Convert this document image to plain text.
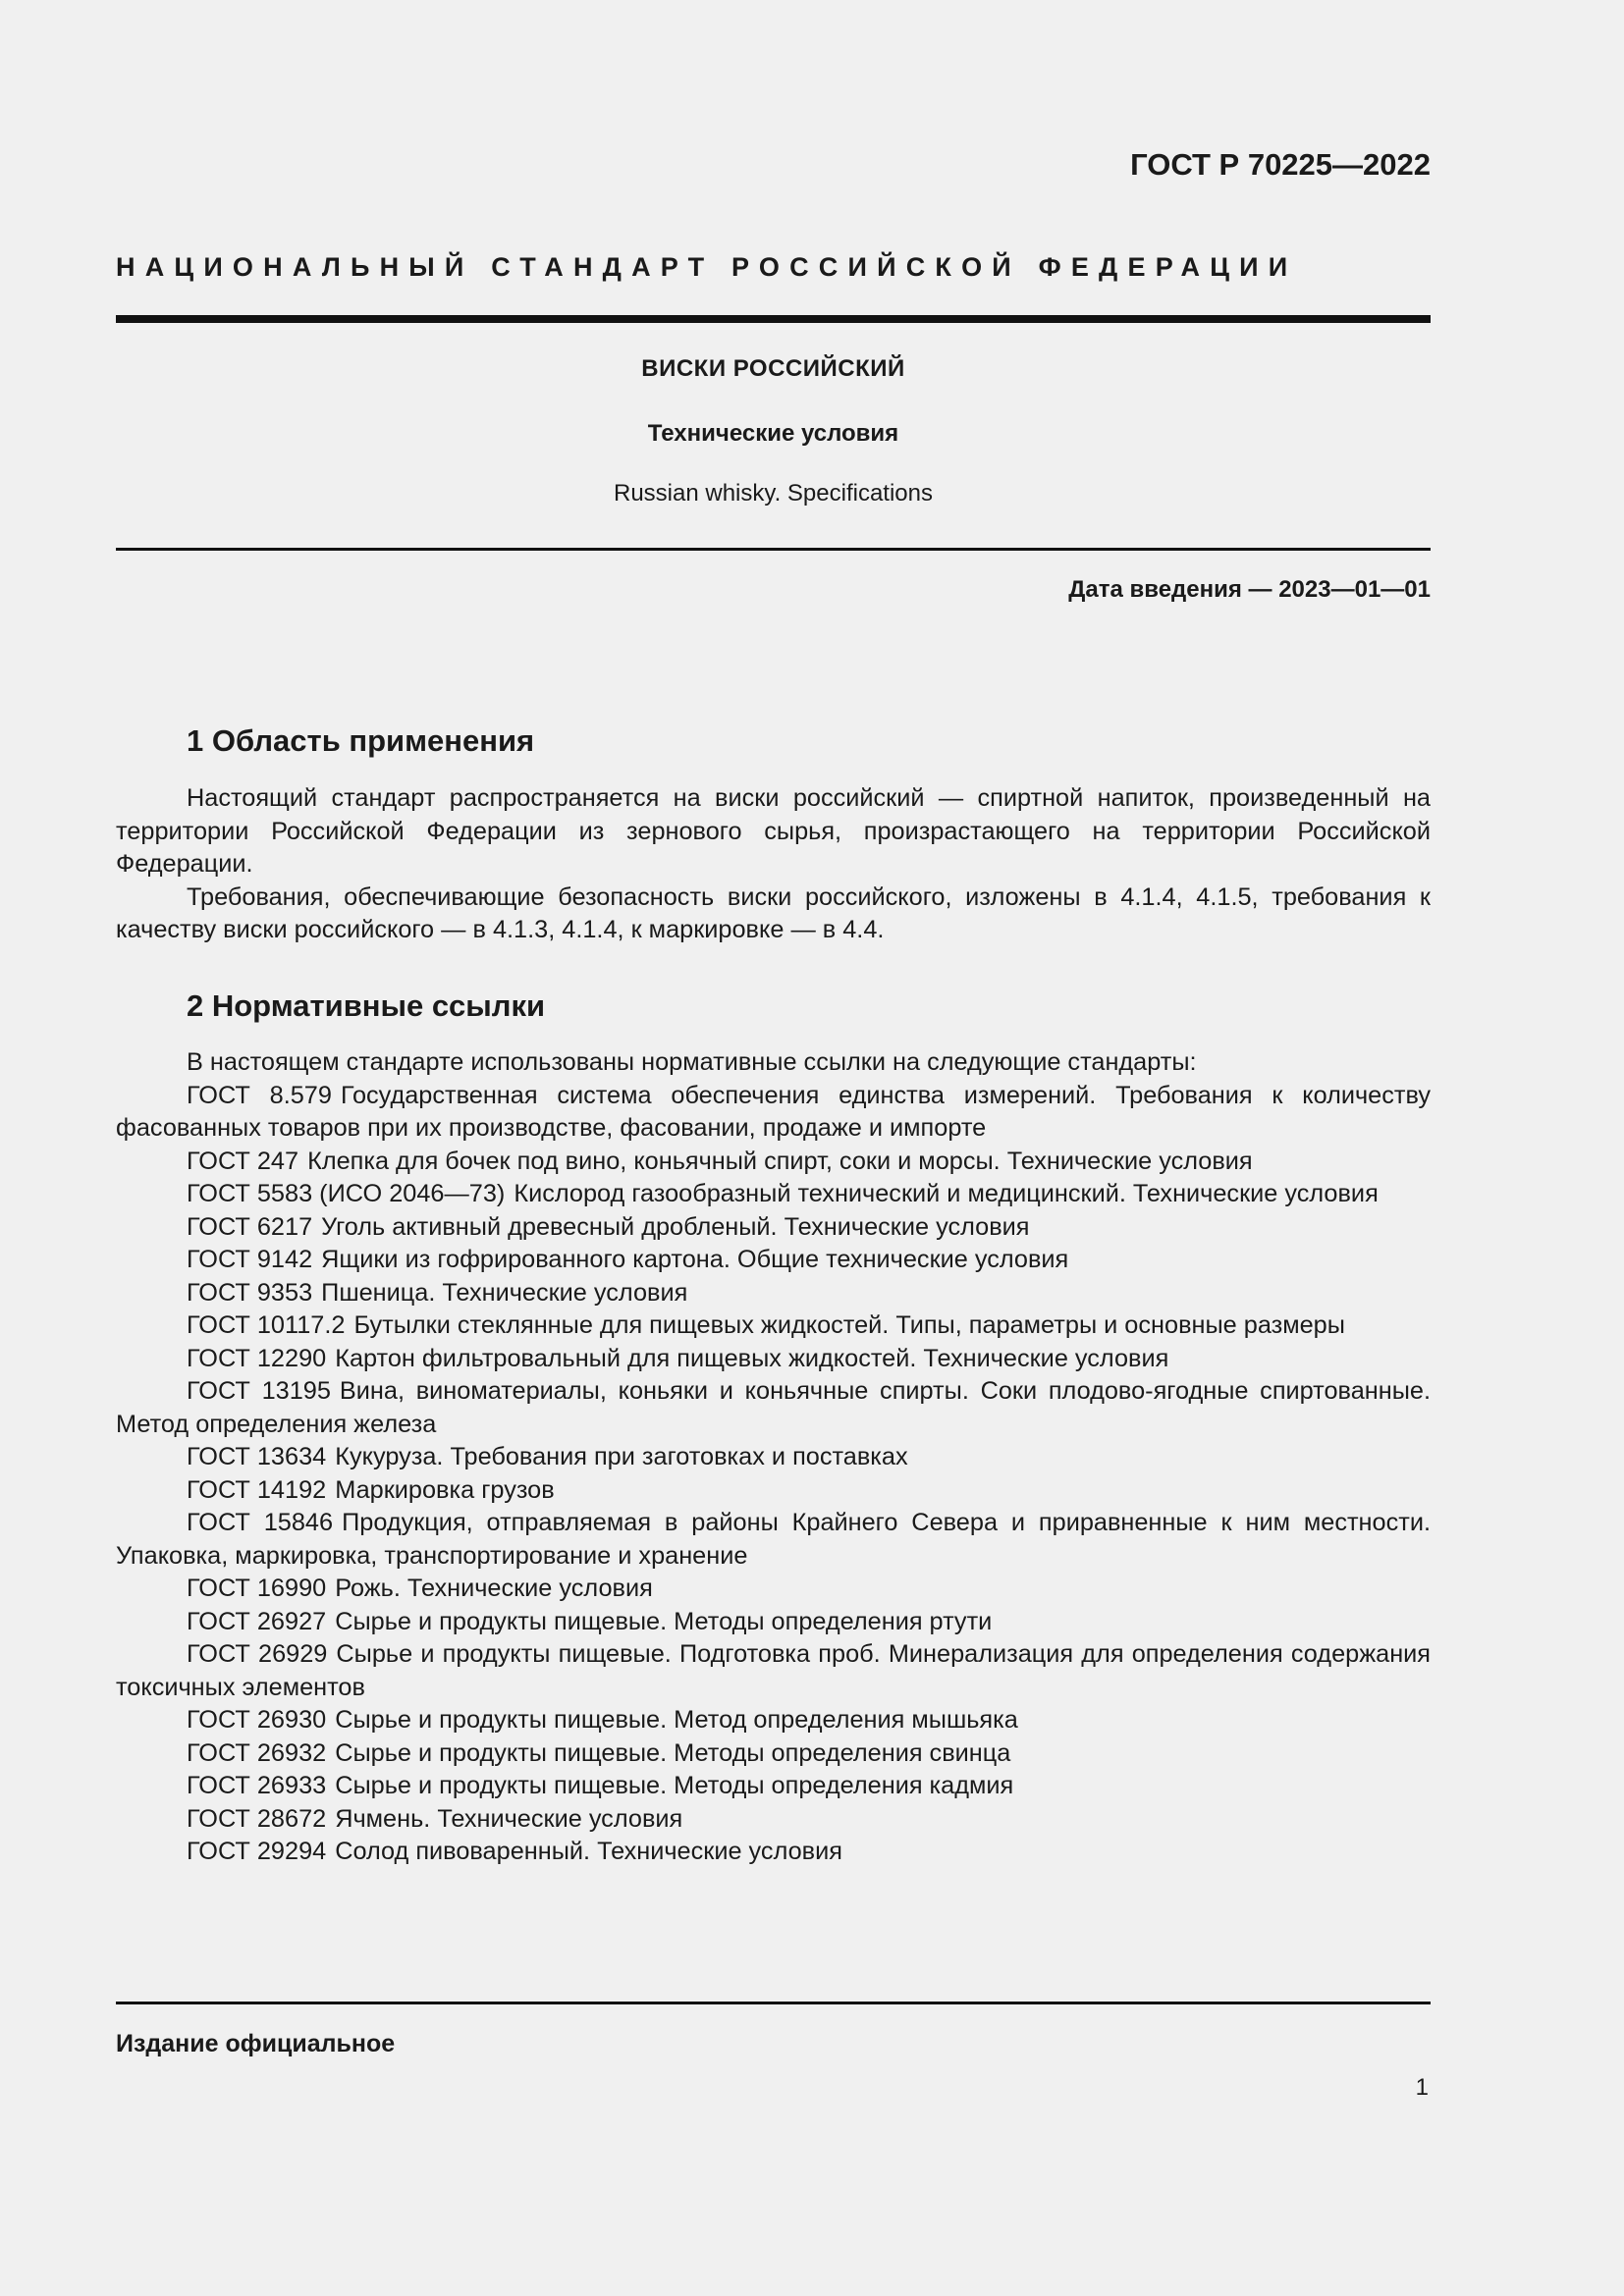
ГОСТ Р 70225—2022
НАЦИОНАЛЬНЫЙ СТАНДАРТ РОССИЙСКОЙ ФЕДЕРАЦИИ
ВИСКИ РОССИЙСКИЙ
Технические условия
Russian whisky. Specifications
Дата введения — 2023—01—01
1 Область применения

Настоящий стандарт распространяется на виски российский — спиртной напиток, произведенный на территории Российской Федерации из зернового сырья, произрастающего на территории Российской Федерации.

Требования, обеспечивающие безопасность виски российского, изложены в 4.1.4, 4.1.5, требования к качеству виски российского — в 4.1.3, 4.1.4, к маркировке — в 4.4.

2 Нормативные ссылки

В настоящем стандарте использованы нормативные ссылки на следующие стандарты:

ГОСТ 8.579 Государственная система обеспечения единства измерений. Требования к количеству фасованных товаров при их производстве, фасовании, продаже и импорте

ГОСТ 247 Клепка для бочек под вино, коньячный спирт, соки и морсы. Технические условия

ГОСТ 5583 (ИСО 2046—73) Кислород газообразный технический и медицинский. Технические условия

ГОСТ 6217 Уголь активный древесный дробленый. Технические условия

ГОСТ 9142 Ящики из гофрированного картона. Общие технические условия

ГОСТ 9353 Пшеница. Технические условия

ГОСТ 10117.2 Бутылки стеклянные для пищевых жидкостей. Типы, параметры и основные размеры

ГОСТ 12290 Картон фильтровальный для пищевых жидкостей. Технические условия

ГОСТ 13195 Вина, виноматериалы, коньяки и коньячные спирты. Соки плодово-ягодные спиртованные. Метод определения железа

ГОСТ 13634 Кукуруза. Требования при заготовках и поставках

ГОСТ 14192 Маркировка грузов

ГОСТ 15846 Продукция, отправляемая в районы Крайнего Севера и приравненные к ним местности. Упаковка, маркировка, транспортирование и хранение

ГОСТ 16990 Рожь. Технические условия

ГОСТ 26927 Сырье и продукты пищевые. Методы определения ртути

ГОСТ 26929 Сырье и продукты пищевые. Подготовка проб. Минерализация для определения содержания токсичных элементов

ГОСТ 26930 Сырье и продукты пищевые. Метод определения мышьяка

ГОСТ 26932 Сырье и продукты пищевые. Методы определения свинца

ГОСТ 26933 Сырье и продукты пищевые. Методы определения кадмия

ГОСТ 28672 Ячмень. Технические условия

ГОСТ 29294 Солод пивоваренный. Технические условия

Издание официальное
1
